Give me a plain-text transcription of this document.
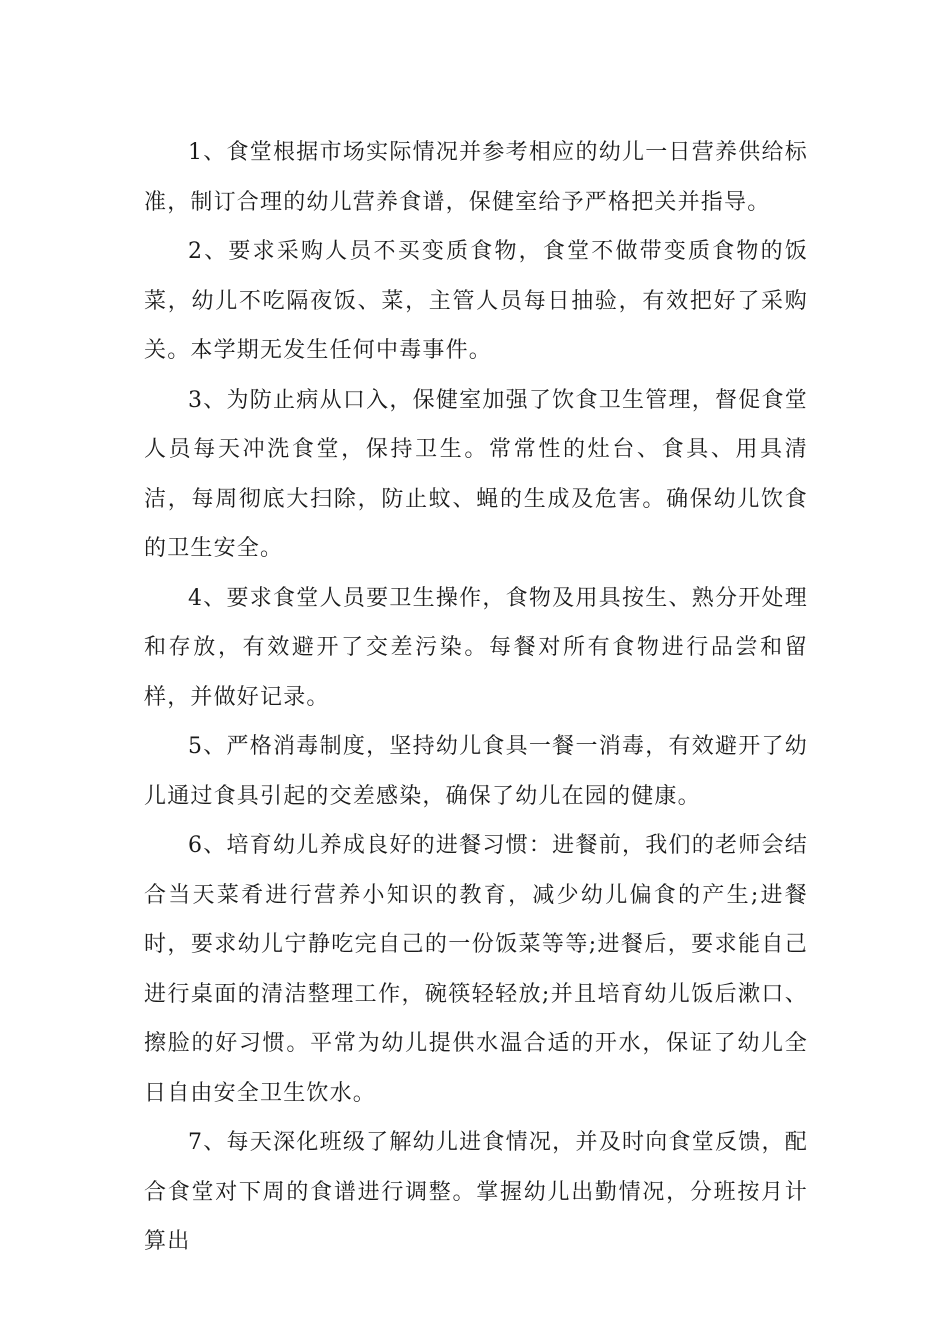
1、食堂根据市场实际情况并参考相应的幼儿一日营养供给标准，制订合理的幼儿营养食谱，保健室给予严格把关并指导。

2、要求采购人员不买变质食物，食堂不做带变质食物的饭菜，幼儿不吃隔夜饭、菜，主管人员每日抽验，有效把好了采购关。本学期无发生任何中毒事件。

3、为防止病从口入，保健室加强了饮食卫生管理，督促食堂人员每天冲洗食堂，保持卫生。常常性的灶台、食具、用具清洁，每周彻底大扫除，防止蚊、蝇的生成及危害。确保幼儿饮食的卫生安全。

4、要求食堂人员要卫生操作，食物及用具按生、熟分开处理和存放，有效避开了交差污染。每餐对所有食物进行品尝和留样，并做好记录。

5、严格消毒制度，坚持幼儿食具一餐一消毒，有效避开了幼儿通过食具引起的交差感染，确保了幼儿在园的健康。

6、培育幼儿养成良好的进餐习惯：进餐前，我们的老师会结合当天菜肴进行营养小知识的教育，减少幼儿偏食的产生;进餐时，要求幼儿宁静吃完自己的一份饭菜等等;进餐后，要求能自己进行桌面的清洁整理工作，碗筷轻轻放;并且培育幼儿饭后漱口、擦脸的好习惯。平常为幼儿提供水温合适的开水，保证了幼儿全日自由安全卫生饮水。

7、每天深化班级了解幼儿进食情况，并及时向食堂反馈，配合食堂对下周的食谱进行调整。掌握幼儿出勤情况，分班按月计算出
